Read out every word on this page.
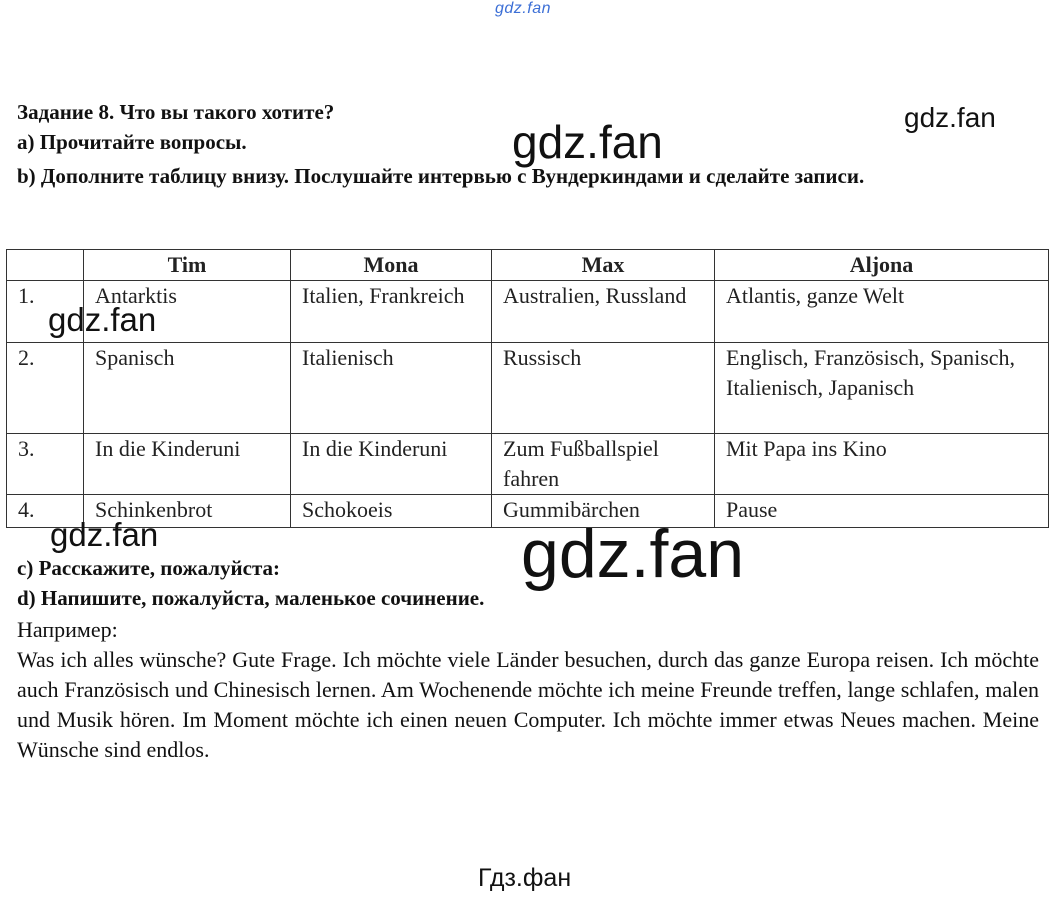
gdz.fan
Задание 8. Что вы такого хотите?
a) Прочитайте вопросы.
b) Дополните таблицу внизу. Послушайте интервью с Вундеркиндами и сделайте записи.
	Tim	Mona	Max	Aljona
1.	Antarktis	Italien, Frankreich	Australien, Russland	Atlantis, ganze Welt
2.	Spanisch	Italienisch	Russisch	Englisch, Französisch, Spanisch, Italienisch, Japanisch
3.	In die Kinderuni	In die Kinderuni	Zum Fußballspiel fahren	Mit Papa ins Kino
4.	Schinkenbrot	Schokoeis	Gummibärchen	Pause
c) Расскажите, пожалуйста:
d) Напишите, пожалуйста, маленькое сочинение.
Например:
Was ich alles wünsche? Gute Frage. Ich möchte viele Länder besuchen, durch das ganze Europa reisen. Ich möchte auch Französisch und Chinesisch lernen. Am Wochenende möchte ich meine Freunde treffen, lange schlafen, malen und Musik hören. Im Moment möchte ich einen neuen Computer. Ich möchte immer etwas Neues machen. Meine Wünsche sind endlos.
gdz.fan
gdz.fan
gdz.fan
gdz.fan	gdz.fan
Гдз.фан
